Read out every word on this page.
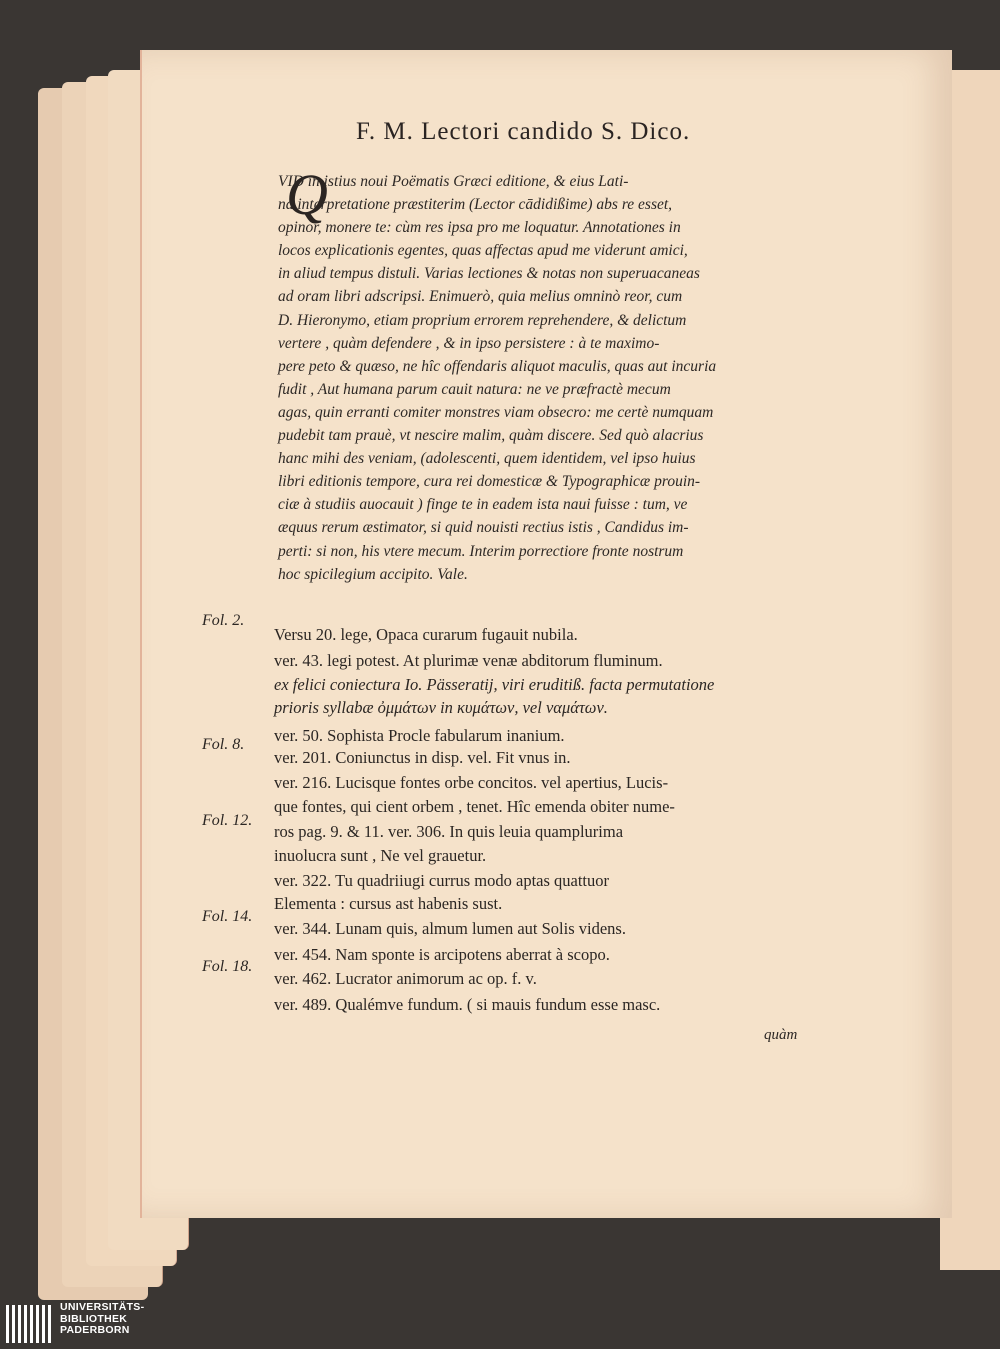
F. M. Lectori candido S. Dico.
Q
VID in istius noui Poëmatis Græci editione, & eius Lati-
na interpretatione præstiterim (Lector cādidißime) abs re esset,
opinor, monere te: cùm res ipsa pro me loquatur. Annotationes in
locos explicationis egentes, quas affectas apud me viderunt amici,
in aliud tempus distuli. Varias lectiones & notas non superuacaneas
ad oram libri adscripsi. Enimuerò, quia melius omninò reor, cum
D. Hieronymo, etiam proprium errorem reprehendere, & delictum
vertere , quàm defendere , & in ipso persistere : à te maximo-
pere peto & quæso, ne hîc offendaris aliquot maculis, quas aut incuria
fudit , Aut humana parum cauit natura: ne ve præfractè mecum
agas, quin erranti comiter monstres viam obsecro: me certè numquam
pudebit tam prauè, vt nescire malim, quàm discere. Sed quò alacrius
hanc mihi des veniam, (adolescenti, quem identidem, vel ipso huius
libri editionis tempore, cura rei domesticæ & Typographicæ prouin-
ciæ à studiis auocauit ) finge te in eadem ista naui fuisse : tum, ve
æquus rerum æstimator, si quid nouisti rectius istis , Candidus im-
perti: si non, his vtere mecum. Interim porrectiore fronte nostrum
hoc spicilegium accipito. Vale.
Fol. 2.
Fol. 8.
Fol. 12.
Fol. 14.
Fol. 18.
Versu 20. lege, Opaca curarum fugauit nubila.
ver. 43. legi potest. At plurimæ venæ abditorum fluminum.
ex felici coniectura Io. Pässeratij, viri eruditiß. facta permutatione
prioris syllabæ ὀμμάτων in κυμάτων, vel ναμάτων.
ver. 50. Sophista Procle fabularum inanium.
ver. 201. Coniunctus in disp. vel. Fit vnus in.
ver. 216. Lucisque fontes orbe concitos. vel apertius, Lucis-
que fontes, qui cient orbem , tenet. Hîc emenda obiter nume-
ros pag. 9. & 11. ver. 306. In quis leuia quamplurima
inuolucra sunt , Ne vel grauetur.
ver. 322. Tu quadriiugi currus modo aptas quattuor
Elementa : cursus ast habenis sust.
ver. 344. Lunam quis, almum lumen aut Solis videns.
ver. 454. Nam sponte is arcipotens aberrat à scopo.
ver. 462. Lucrator animorum ac op. f. v.
ver. 489. Qualémve fundum. ( si mauis fundum esse masc.
quàm
UNIVERSITÄTS-
BIBLIOTHEK
PADERBORN
